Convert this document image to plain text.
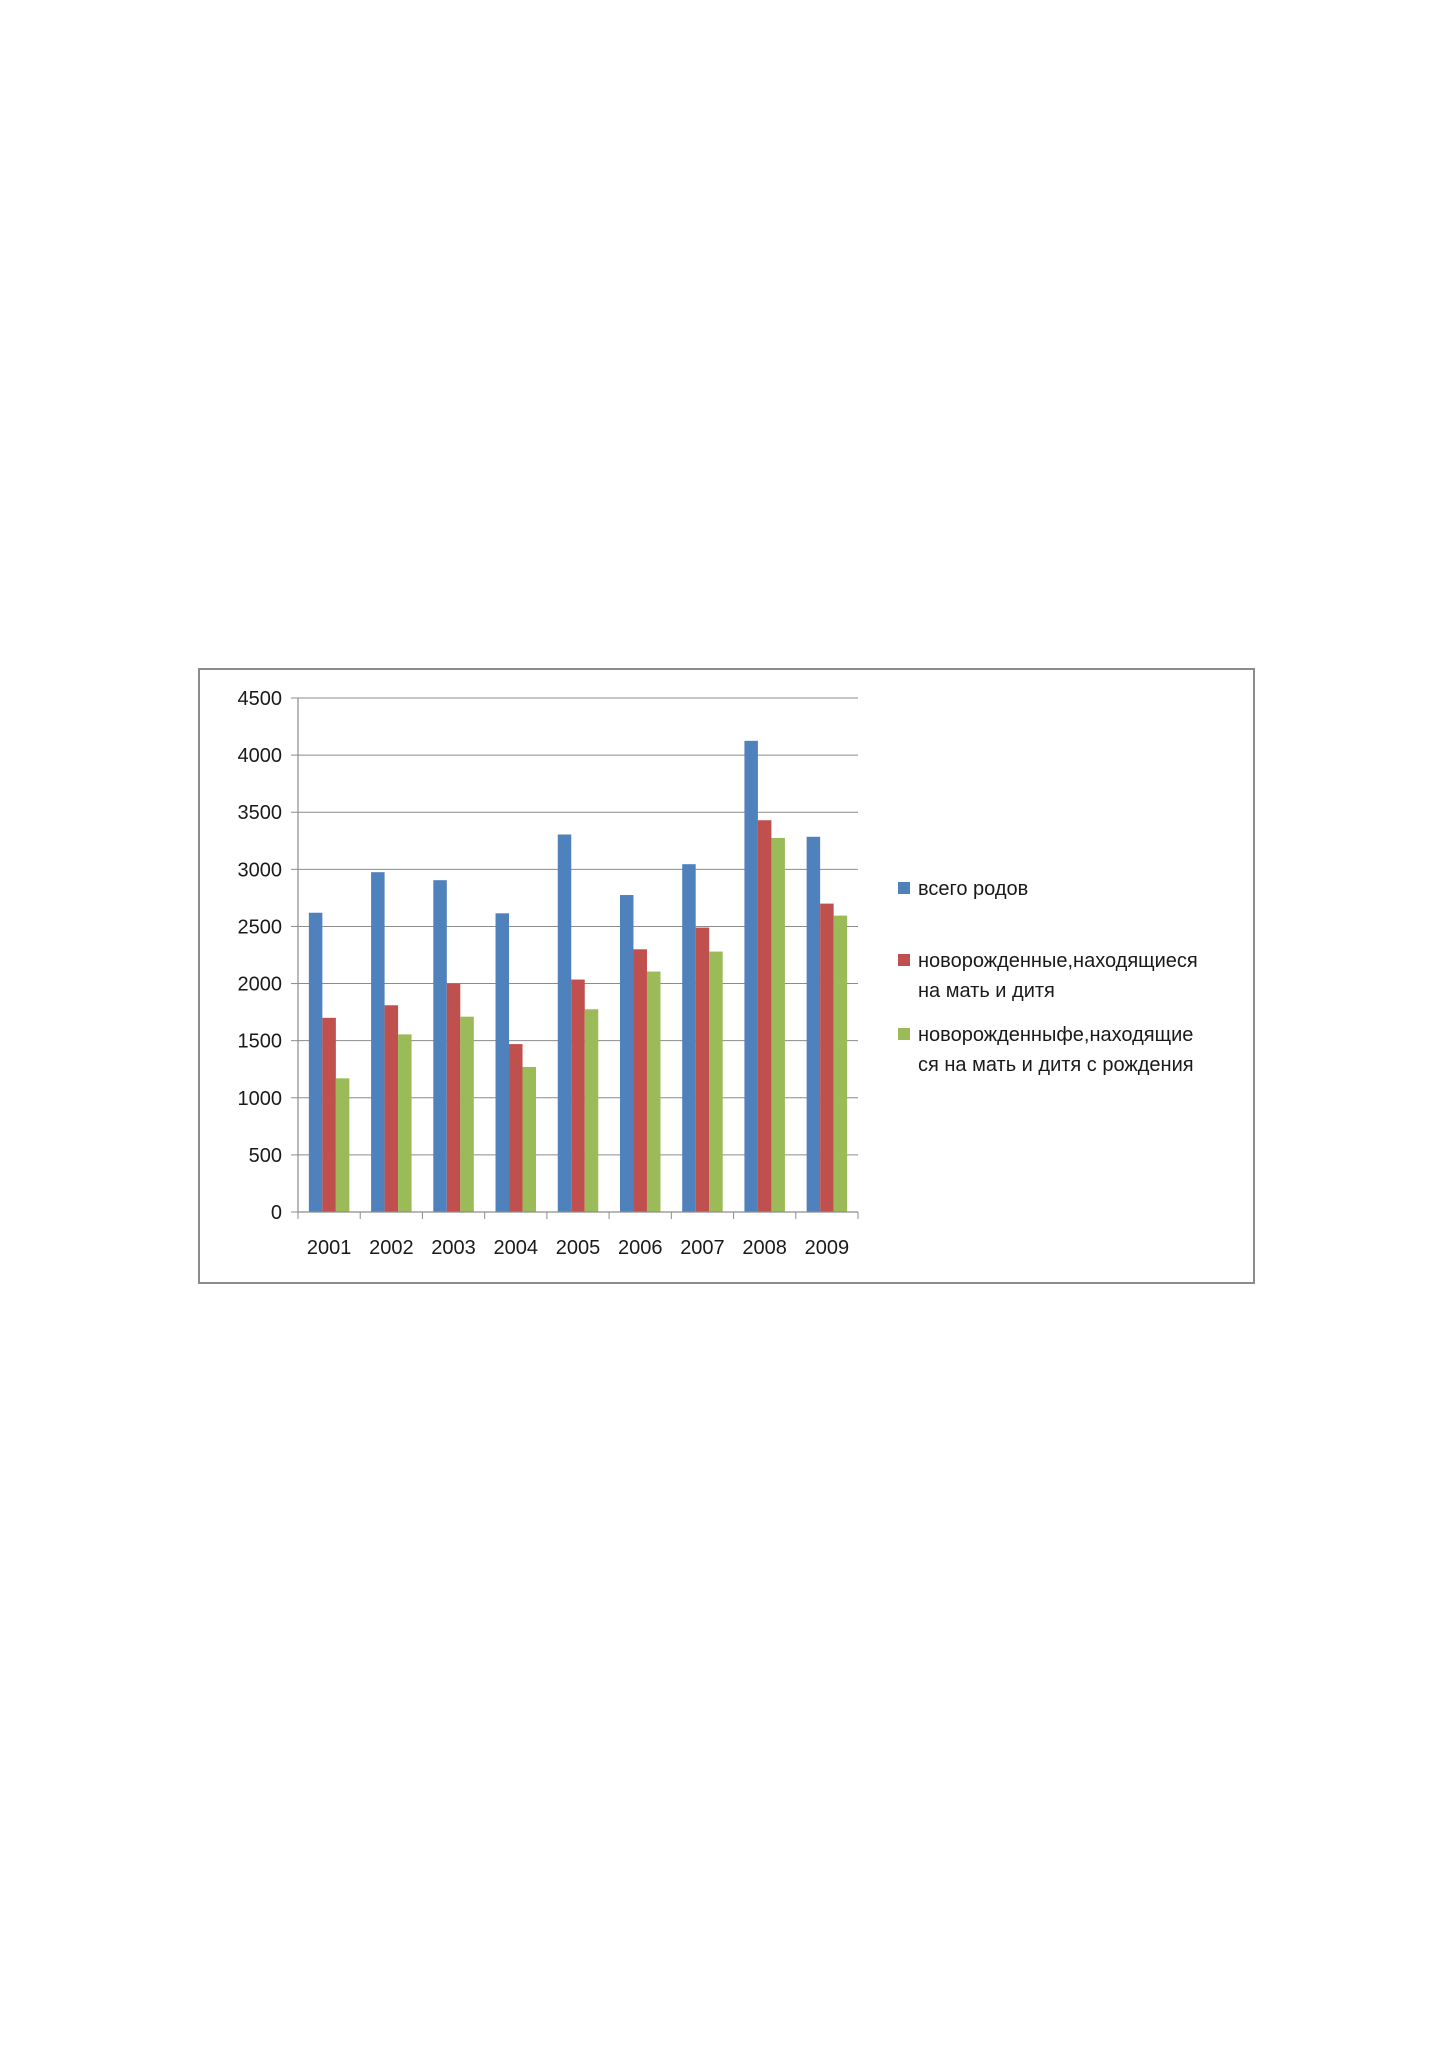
0
500
1000
1500
2000
2500
3000
3500
4000
4500
2001 2002 2003 2004 2005 2006 2007 2008 2009
всего родов
новорожденные,находящиеся на мать и дитя
новорожденныфе,находящие ся на мать и дитя с рождения
